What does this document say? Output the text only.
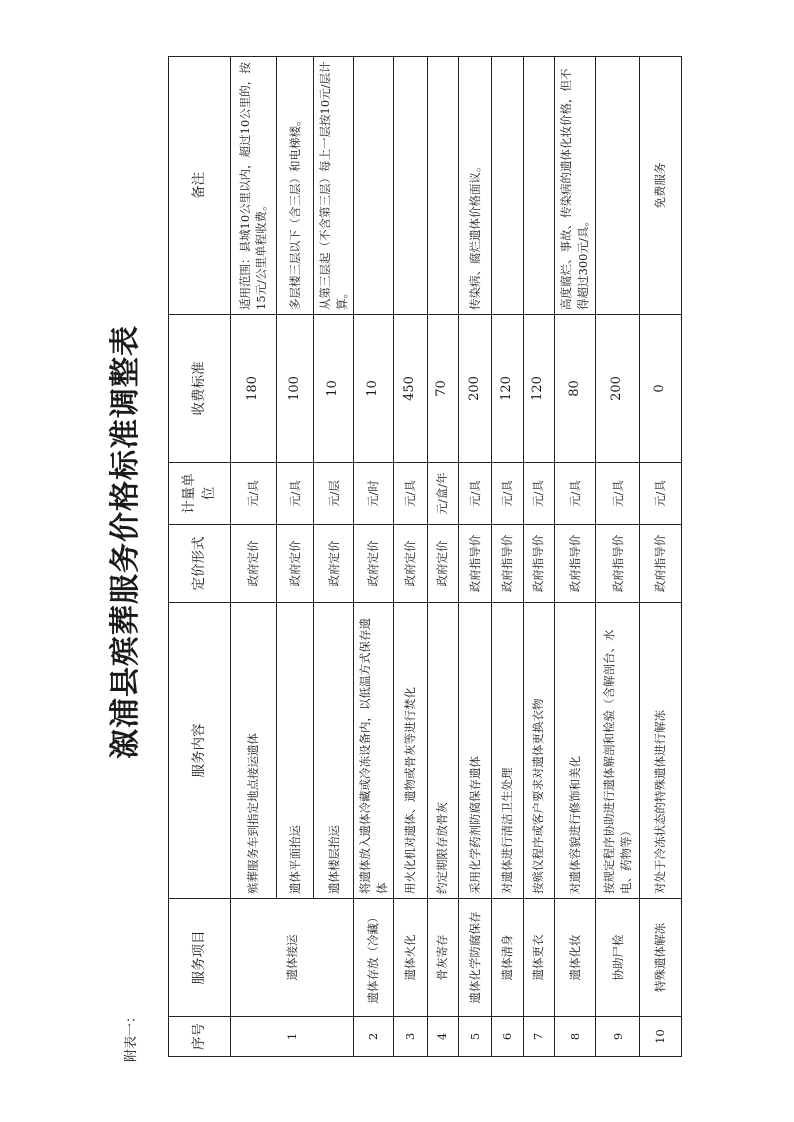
附表一：
溆浦县殡葬服务价格标准调整表
序号	服务项目	服务内容	定价形式	计量单位	收费标准	备注
1	遗体接运	殡葬服务车到指定地点接运遗体	政府定价	元/具	180	适用范围：县城10公里以内，超过10公里的，按15元/公里单程收费。
		遗体平面抬运	政府定价	元/具	100	多层楼三层以下（含三层）和电梯楼。
		遗体楼层抬运	政府定价	元/层	10	从第三层起（不含第三层）每上一层按10元/层计算。
2	遗体存放（冷藏）	将遗体放入遗体冷藏或冷冻设备内，以低温方式保存遗体	政府定价	元/时	10	
3	遗体火化	用火化机对遗体、遗物或骨灰等进行焚化	政府定价	元/具	450	
4	骨灰寄存	约定期限存放骨灰	政府定价	元/盒/年	70	
5	遗体化学防腐保存	采用化学药剂防腐保存遗体	政府指导价	元/具	200	传染病、腐烂遗体价格面议。
6	遗体清身	对遗体进行清洁卫生处理	政府指导价	元/具	120	
7	遗体更衣	按殡仪程序或客户要求对遗体更换衣物	政府指导价	元/具	120	
8	遗体化妆	对遗体容貌进行修饰和美化	政府指导价	元/具	80	高度腐烂、事故、传染病的遗体化妆价格，但不得超过300元/具。
9	协助尸检	按规定程序协助进行遗体解剖和检验（含解剖台、水电、药物等）	政府指导价	元/具	200	
10	特殊遗体解冻	对处于冷冻状态的特殊遗体进行解冻	政府指导价	元/具	0	免费服务
